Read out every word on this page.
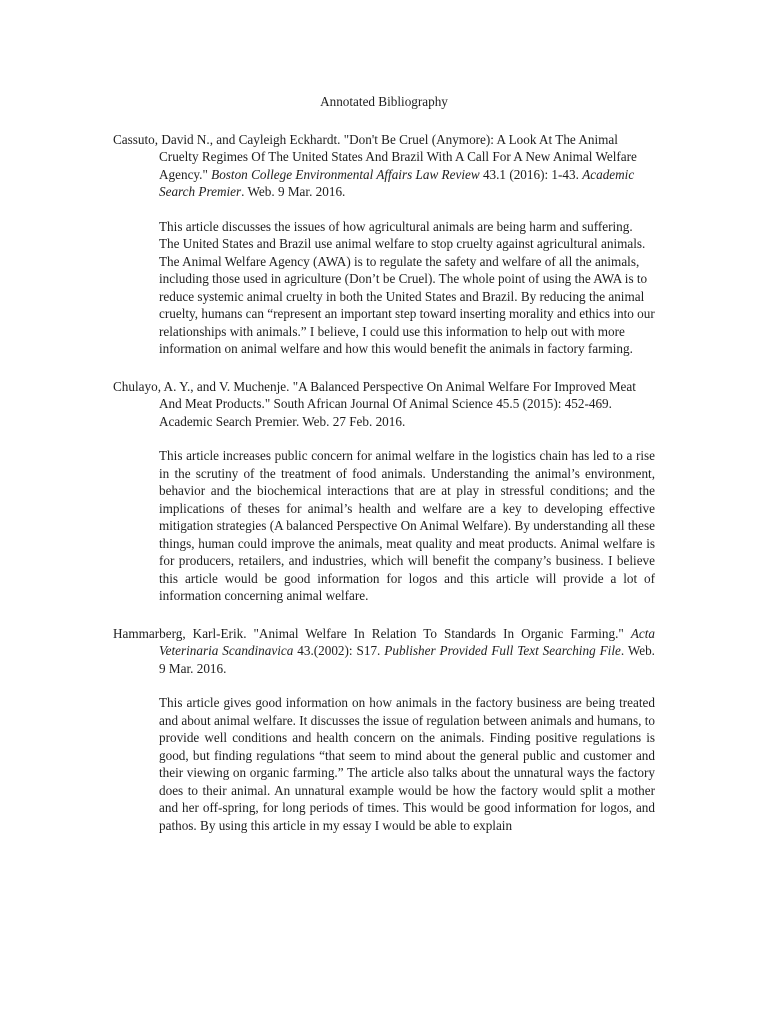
Annotated Bibliography

Cassuto, David N., and Cayleigh Eckhardt. "Don't Be Cruel (Anymore): A Look At The Animal Cruelty Regimes Of The United States And Brazil With A Call For A New Animal Welfare Agency." Boston College Environmental Affairs Law Review 43.1 (2016): 1-43. Academic Search Premier. Web. 9 Mar. 2016.

This article discusses the issues of how agricultural animals are being harm and suffering. The United States and Brazil use animal welfare to stop cruelty against agricultural animals. The Animal Welfare Agency (AWA) is to regulate the safety and welfare of all the animals, including those used in agriculture (Don’t be Cruel). The whole point of using the AWA is to reduce systemic animal cruelty in both the United States and Brazil. By reducing the animal cruelty, humans can “represent an important step toward inserting morality and ethics into our relationships with animals.” I believe, I could use this information to help out with more information on animal welfare and how this would benefit the animals in factory farming.

Chulayo, A. Y., and V. Muchenje. "A Balanced Perspective On Animal Welfare For Improved Meat And Meat Products." South African Journal Of Animal Science 45.5 (2015): 452-469. Academic Search Premier. Web. 27 Feb. 2016.

This article increases public concern for animal welfare in the logistics chain has led to a rise in the scrutiny of the treatment of food animals. Understanding the animal’s environment, behavior and the biochemical interactions that are at play in stressful conditions; and the implications of theses for animal’s health and welfare are a key to developing effective mitigation strategies (A balanced Perspective On Animal Welfare). By understanding all these things, human could improve the animals, meat quality and meat products. Animal welfare is for producers, retailers, and industries, which will benefit the company’s business. I believe this article would be good information for logos and this article will provide a lot of information concerning animal welfare.

Hammarberg, Karl-Erik. "Animal Welfare In Relation To Standards In Organic Farming." Acta Veterinaria Scandinavica 43.(2002): S17. Publisher Provided Full Text Searching File. Web. 9 Mar. 2016.

This article gives good information on how animals in the factory business are being treated and about animal welfare. It discusses the issue of regulation between animals and humans, to provide well conditions and health concern on the animals. Finding positive regulations is good, but finding regulations “that seem to mind about the general public and customer and their viewing on organic farming.” The article also talks about the unnatural ways the factory does to their animal. An unnatural example would be how the factory would split a mother and her off-spring, for long periods of times. This would be good information for logos, and pathos. By using this article in my essay I would be able to explain
